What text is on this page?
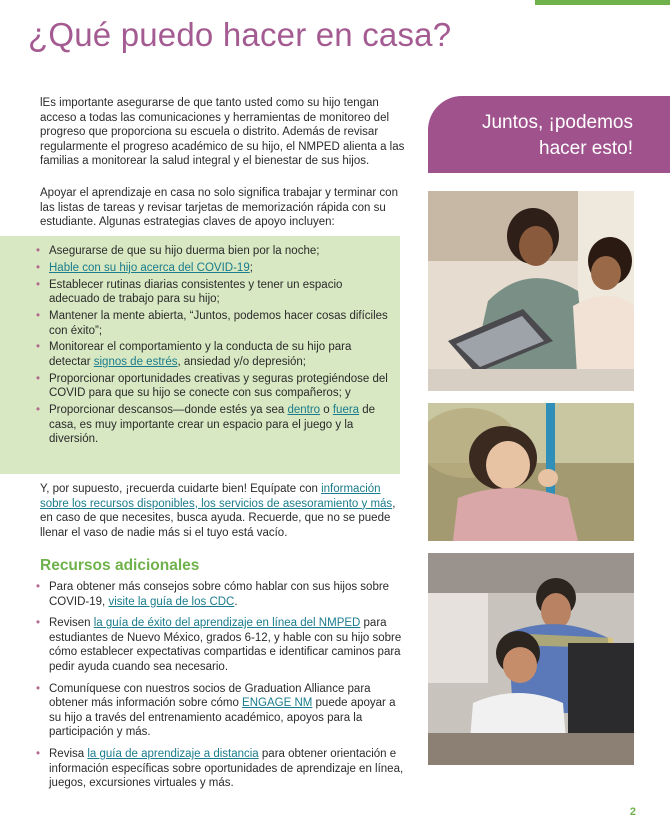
¿Qué puedo hacer en casa?

lEs importante asegurarse de que tanto usted como su hijo tengan acceso a todas las comunicaciones y herramientas de monitoreo del progreso que proporciona su escuela o distrito. Además de revisar regularmente el progreso académico de su hijo, el NMPED alienta a las familias a monitorear la salud integral y el bienestar de sus hijos.

Apoyar el aprendizaje en casa no solo significa trabajar y terminar con las listas de tareas y revisar tarjetas de memorización rápida con su estudiante. Algunas estrategias claves de apoyo incluyen:

• Asegurarse de que su hijo duerma bien por la noche;
• Hable con su hijo acerca del COVID-19;
• Establecer rutinas diarias consistentes y tener un espacio adecuado de trabajo para su hijo;
• Mantener la mente abierta, “Juntos, podemos hacer cosas difíciles con éxito”;
• Monitorear el comportamiento y la conducta de su hijo para detectar signos de estrés, ansiedad y/o depresión;
• Proporcionar oportunidades creativas y seguras protegiéndose del COVID para que su hijo se conecte con sus compañeros; y
• Proporcionar descansos—donde estés ya sea dentro o fuera de casa, es muy importante crear un espacio para el juego y la diversión.

Y, por supuesto, ¡recuerda cuidarte bien! Equípate con información sobre los recursos disponibles, los servicios de asesoramiento y más, en caso de que necesites, busca ayuda. Recuerde, que no se puede llenar el vaso de nadie más si el tuyo está vacío.

Recursos adicionales
• Para obtener más consejos sobre cómo hablar con sus hijos sobre COVID-19, visite la guía de los CDC.
• Revisen la guía de éxito del aprendizaje en línea del NMPED para estudiantes de Nuevo México, grados 6-12, y hable con su hijo sobre cómo establecer expectativas compartidas e identificar caminos para pedir ayuda cuando sea necesario.
• Comuníquese con nuestros socios de Graduation Alliance para obtener más información sobre cómo ENGAGE NM puede apoyar a su hijo a través del entrenamiento académico, apoyos para la participación y más.
• Revisa la guía de aprendizaje a distancia para obtener orientación e información específicas sobre oportunidades de aprendizaje en línea, juegos, excursiones virtuales y más.
Juntos, ¡podemos
hacer esto!
2
